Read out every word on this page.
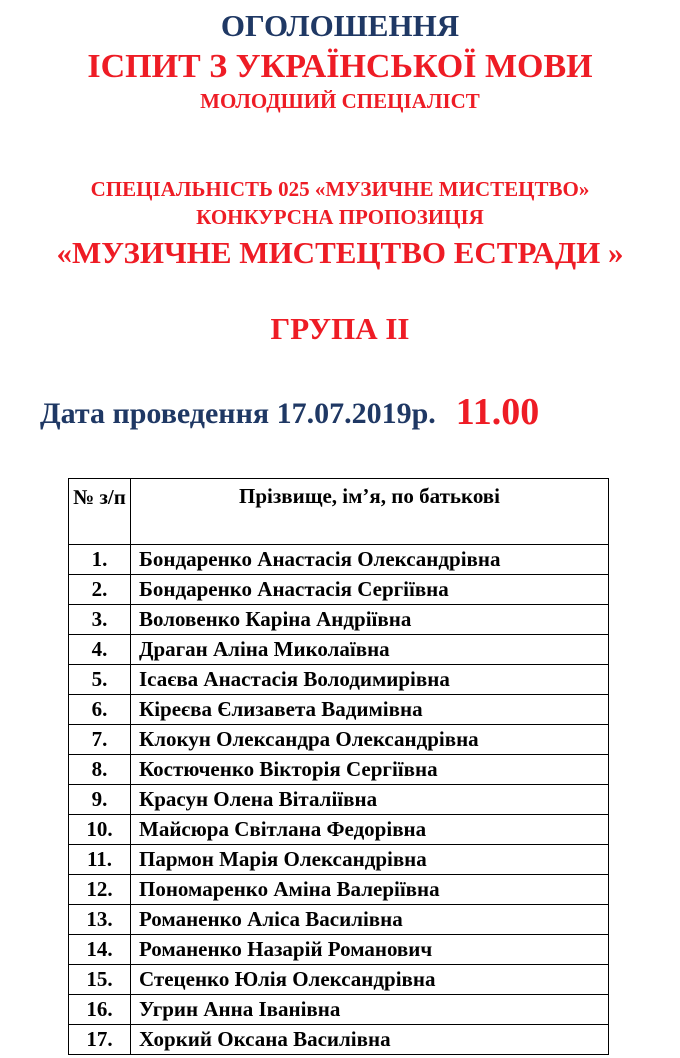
ОГОЛОШЕННЯ
ІСПИТ З УКРАЇНСЬКОЇ МОВИ
МОЛОДШИЙ СПЕЦІАЛІСТ
СПЕЦІАЛЬНІСТЬ 025 «МУЗИЧНЕ МИСТЕЦТВО»
КОНКУРСНА ПРОПОЗИЦІЯ
«МУЗИЧНЕ МИСТЕЦТВО ЕСТРАДИ »
ГРУПА ІІ
Дата проведення 17.07.2019р. 11.00
№ з/п	Прізвище, ім’я, по батькові
1.	Бондаренко Анастасія Олександрівна
2.	Бондаренко Анастасія Сергіївна
3.	Воловенко Каріна Андріївна
4.	Драган Аліна Миколаївна
5.	Ісаєва Анастасія Володимирівна
6.	Кіреєва Єлизавета Вадимівна
7.	Клокун Олександра Олександрівна
8.	Костюченко Вікторія Сергіївна
9.	Красун Олена Віталіївна
10.	Майсюра Світлана Федорівна
11.	Пармон Марія Олександрівна
12.	Пономаренко Аміна Валеріївна
13.	Романенко Аліса Василівна
14.	Романенко Назарій Романович
15.	Стеценко Юлія Олександрівна
16.	Угрин Анна Іванівна
17.	Хоркий Оксана Василівна
